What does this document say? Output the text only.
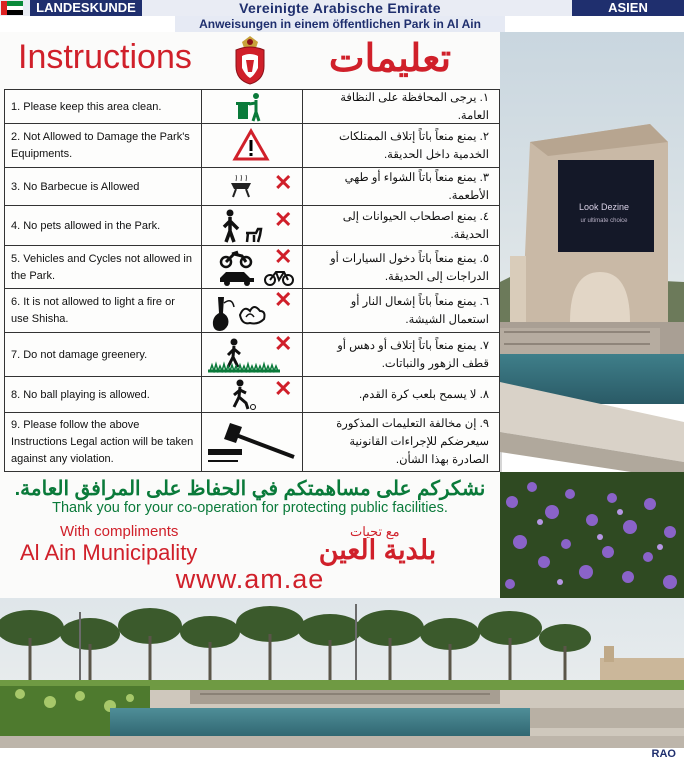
LANDESKUNDE	Vereinigte Arabische Emirate	ASIEN
Anweisungen in einem öffentlichen Park in Al Ain
Instructions	تعليمات
1. Please keep this area clean.
١. يرجى المحافظة على النظافة العامة.
2. Not Allowed to Damage the Park's Equipments.
٢. يمنع منعاً باتاً إتلاف الممتلكات الخدمية داخل الحديقة.
3. No Barbecue is Allowed	✕	٣. يمنع منعاً باتاً الشواء أو طهي الأطعمة.
4. No pets allowed in the Park.	✕	٤. يمنع اصطحاب الحيوانات إلى الحديقة.
5. Vehicles and Cycles not allowed in the Park.
✕	٥. يمنع منعاً باتاً دخول السيارات أو الدراجات إلى الحديقة.
6. It is not allowed to light a fire or use Shisha.
✕	٦. يمنع منعاً باتاً إشعال النار أو استعمال الشيشة.
7. Do not damage greenery.	✕	٧. يمنع منعاً باتاً إتلاف أو دهس أو قطف الزهور والنباتات.
8. No ball playing is allowed.	✕	٨. لا يسمح بلعب كرة القدم.
9. Please follow the above Instructions Legal action will be taken against any violation.
٩. إن مخالفة التعليمات المذكورة سيعرضكم للإجراءات القانونية الصادرة بهذا الشأن.
نشكركم على مساهمتكم في الحفاظ على المرافق العامة.
Thank you for your co-operation for protecting public facilities.
With compliments
Al Ain Municipality
مع تحيات
بلدية العين
www.am.ae
Look Dezine
ur ultimate choice
RAO
